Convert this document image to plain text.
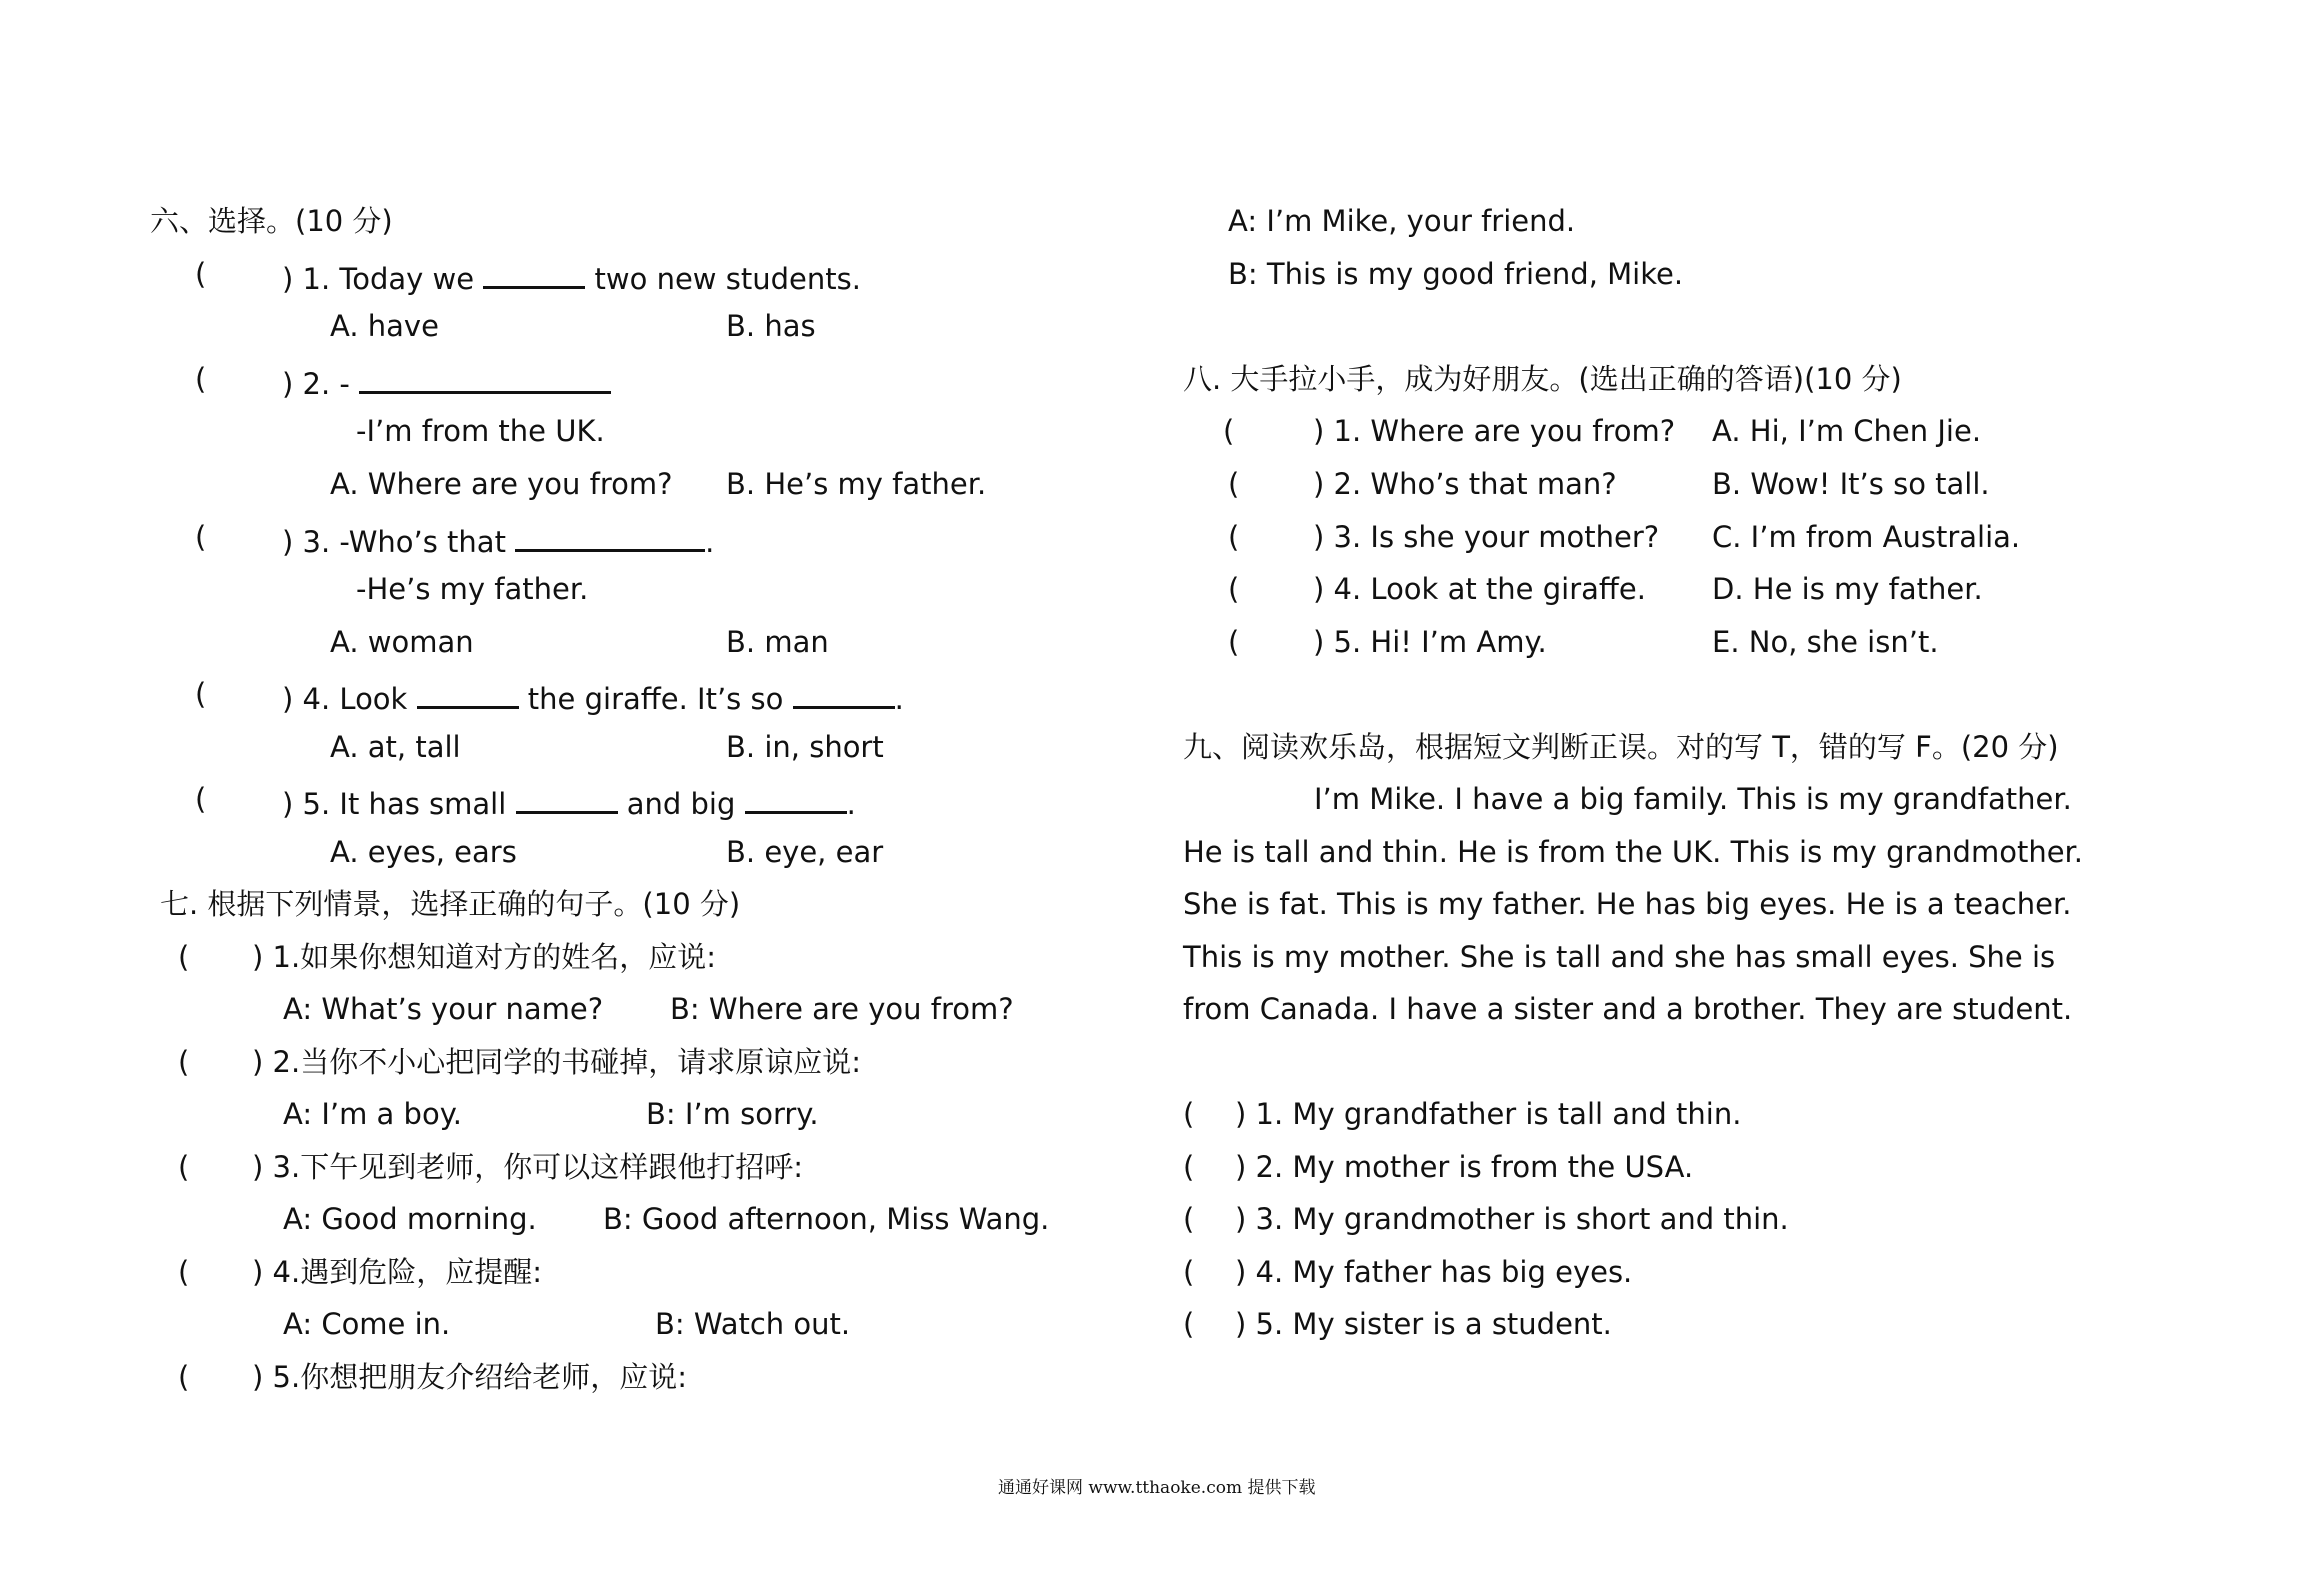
六、选择。(10 分)
(	) 1. Today we	two new students.
A. have	B. has
(	) 2. -
-I’m from the UK.
A. Where are you from? B. He’s my father.
(	) 3. -Who’s that	.
-He’s my father.
A. woman	B. man
(	) 4. Look	the giraffe. It’s so	.
A. at, tall	B. in, short
(	) 5. It has small	and big	.
A. eyes, ears	B. eye, ear
七. 根据下列情景，选择正确的句子。(10 分)
( ) 1.如果你想知道对方的姓名，应说:
A: What’s your name? B: Where are you from?
( ) 2.当你不小心把同学的书碰掉，请求原谅应说:
A: I’m a boy.	B: I’m sorry.
( ) 3.下午见到老师，你可以这样跟他打招呼:
A: Good morning. B: Good afternoon, Miss Wang.
( ) 4.遇到危险，应提醒:
A: Come in.	B: Watch out.
( ) 5.你想把朋友介绍给老师，应说:
A: I’m Mike, your friend.
B: This is my good friend, Mike.
八. 大手拉小手，成为好朋友。(选出正确的答语)(10 分)
(	) 1. Where are you from? A. Hi, I’m Chen Jie.
(	) 2. Who’s that man?	B. Wow! It’s so tall.
(	) 3. Is she your mother? C. I’m from Australia.
(	) 4. Look at the giraffe. D. He is my father.
(	) 5. Hi! I’m Amy.	E. No, she isn’t.
九、阅读欢乐岛，根据短文判断正误。对的写 T，错的写 F。(20 分)
I’m Mike. I have a big family. This is my grandfather.
He is tall and thin. He is from the UK. This is my grandmother.
She is fat. This is my father. He has big eyes. He is a teacher.
This is my mother. She is tall and she has small eyes. She is
from Canada. I have a sister and a brother. They are student.
( ) 1. My grandfather is tall and thin.
( ) 2. My mother is from the USA.
( ) 3. My grandmother is short and thin.
( ) 4. My father has big eyes.
( ) 5. My sister is a student.
通通好课网 www.tthaoke.com 提供下载
